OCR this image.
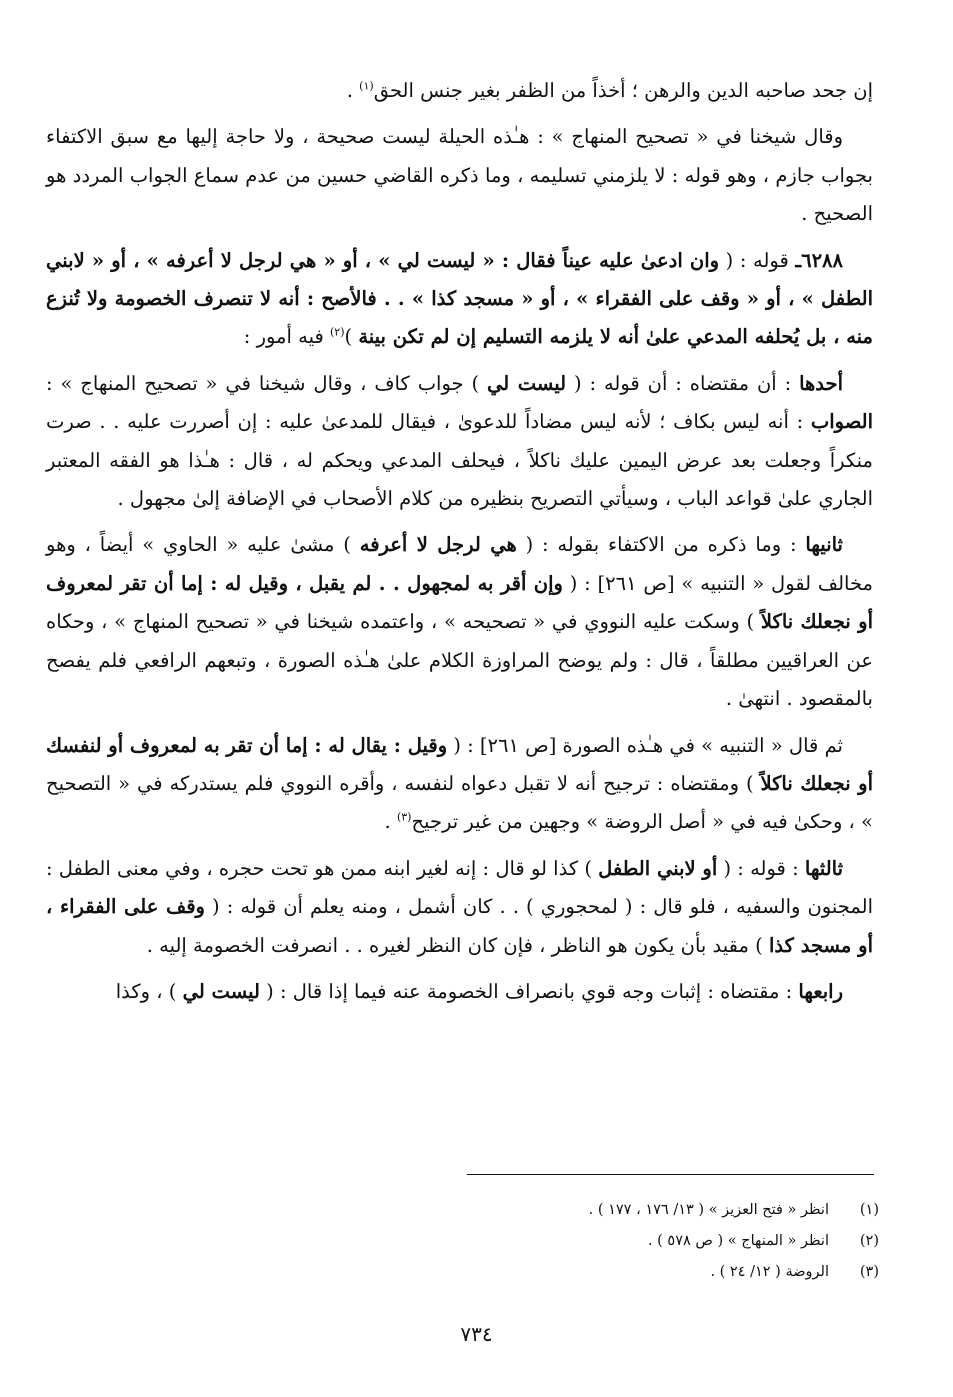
إن جحد صاحبه الدين والرهن ؛ أخذاً من الظفر بغير جنس الحق$^{(١)}$ .

وقال شيخنا في « تصحيح المنهاج » : هـٰذه الحيلة ليست صحيحة ، ولا حاجة إليها مع سبق الاكتفاء بجواب جازم ، وهو قوله : لا يلزمني تسليمه ، وما ذكره القاضي حسين من عدم سماع الجواب المردد هو الصحيح .

٦٢٨٨ـ قوله : ( وان ادعىٰ عليه عيناً فقال : « ليست لي » ، أو « هي لرجل لا أعرفه » ، أو « لابني الطفل » ، أو « وقف على الفقراء » ، أو « مسجد كذا » . . فالأصح : أنه لا تنصرف الخصومة ولا تُنزع منه ، بل يُحلفه المدعي علىٰ أنه لا يلزمه التسليم إن لم تكن بينة )$^{(٢)}$ فيه أمور :

أحدها : أن مقتضاه : أن قوله : ( ليست لي ) جواب كاف ، وقال شيخنا في « تصحيح المنهاج » : الصواب : أنه ليس بكاف ؛ لأنه ليس مضاداً للدعوىٰ ، فيقال للمدعىٰ عليه : إن أصررت عليه . . صرت منكراً وجعلت بعد عرض اليمين عليك ناكلاً ، فيحلف المدعي ويحكم له ، قال : هـٰذا هو الفقه المعتبر الجاري علىٰ قواعد الباب ، وسيأتي التصريح بنظيره من كلام الأصحاب في الإضافة إلىٰ مجهول .

ثانيها : وما ذكره من الاكتفاء بقوله : ( هي لرجل لا أعرفه ) مشىٰ عليه « الحاوي » أيضاً ، وهو مخالف لقول « التنبيه » [ص ٢٦١] : ( وإن أقر به لمجهول . . لم يقبل ، وقيل له : إما أن تقر لمعروف أو نجعلك ناكلاً ) وسكت عليه النووي في « تصحيحه » ، واعتمده شيخنا في « تصحيح المنهاج » ، وحكاه عن العراقيين مطلقاً ، قال : ولم يوضح المراوزة الكلام علىٰ هـٰذه الصورة ، وتبعهم الرافعي فلم يفصح بالمقصود . انتهىٰ .

ثم قال « التنبيه » في هـٰذه الصورة [ص ٢٦١] : ( وقيل : يقال له : إما أن تقر به لمعروف أو لنفسك أو نجعلك ناكلاً ) ومقتضاه : ترجيح أنه لا تقبل دعواه لنفسه ، وأقره النووي فلم يستدركه في « التصحيح » ، وحكىٰ فيه في « أصل الروضة » وجهين من غير ترجيح$^{(٣)}$ .

ثالثها : قوله : ( أو لابني الطفل ) كذا لو قال : إنه لغير ابنه ممن هو تحت حجره ، وفي معنى الطفل : المجنون والسفيه ، فلو قال : ( لمحجوري ) . . كان أشمل ، ومنه يعلم أن قوله : ( وقف على الفقراء ، أو مسجد كذا ) مقيد بأن يكون هو الناظر ، فإن كان النظر لغيره . . انصرفت الخصومة إليه .

رابعها : مقتضاه : إثبات وجه قوي بانصراف الخصومة عنه فيما إذا قال : ( ليست لي ) ، وكذا

(١)
انظر « فتح العزيز » ( ١٣/ ١٧٦ ، ١٧٧ ) .
(٢)
انظر « المنهاج » ( ص ٥٧٨ ) .
(٣)
الروضة ( ١٢/ ٢٤ ) .
٧٣٤
